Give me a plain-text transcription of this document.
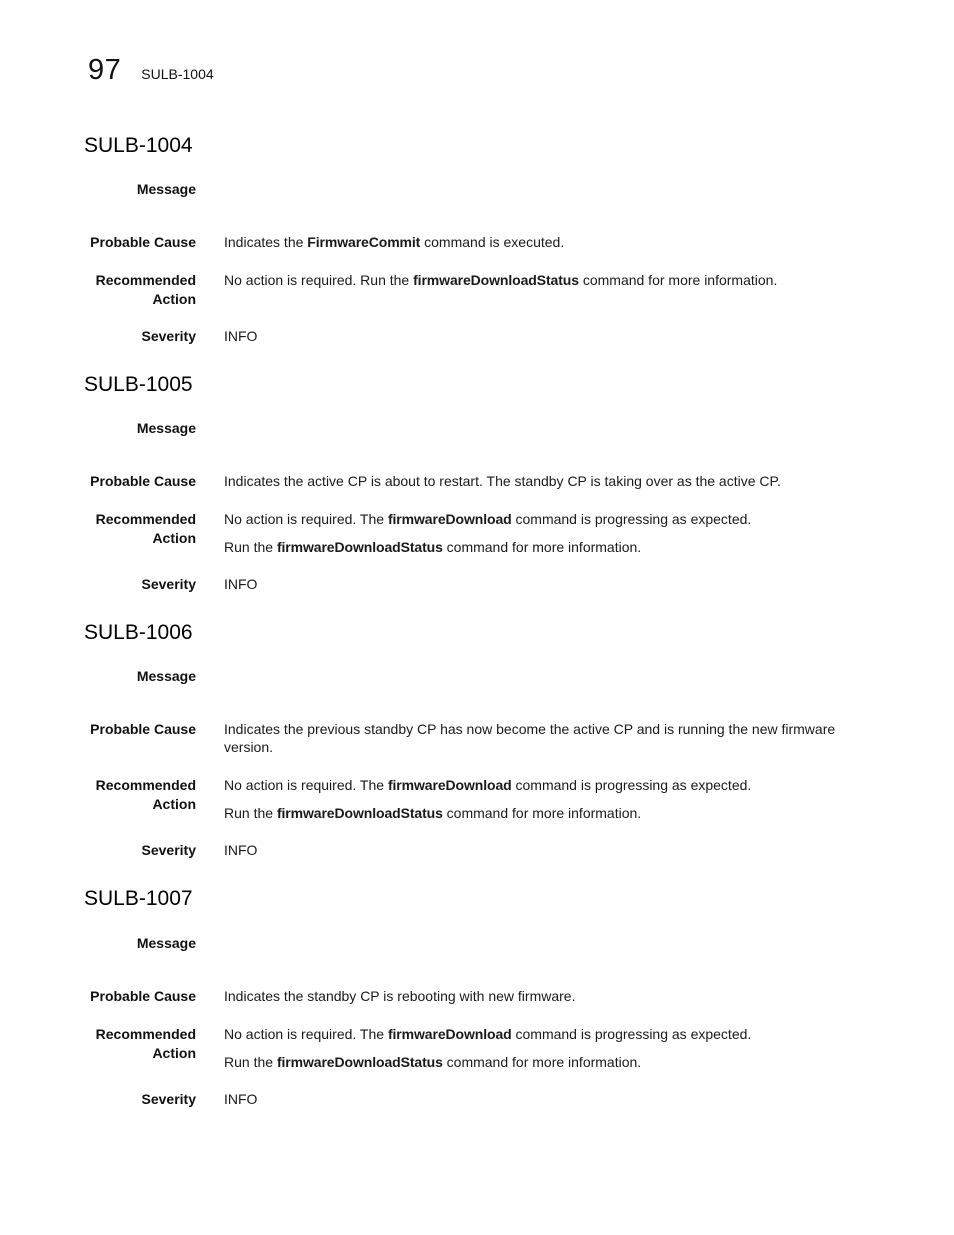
97 SULB-1004
SULB-1004
Message
Probable Cause Indicates the FirmwareCommit command is executed.

Recommended
Action

No action is required. Run the firmwareDownloadStatus command for more information.

Severity INFO
SULB-1005
Message
Probable Cause Indicates the active CP is about to restart. The standby CP is taking over as the active CP.

Recommended
Action

No action is required. The firmwareDownload command is progressing as expected.

Run the firmwareDownloadStatus command for more information.

Severity INFO
SULB-1006
Message
Probable Cause Indicates the previous standby CP has now become the active CP and is running the new firmware version.

Recommended
Action

No action is required. The firmwareDownload command is progressing as expected.

Run the firmwareDownloadStatus command for more information.

Severity INFO
SULB-1007
Message
Probable Cause Indicates the standby CP is rebooting with new firmware.

Recommended
Action

No action is required. The firmwareDownload command is progressing as expected.

Run the firmwareDownloadStatus command for more information.

Severity INFO
